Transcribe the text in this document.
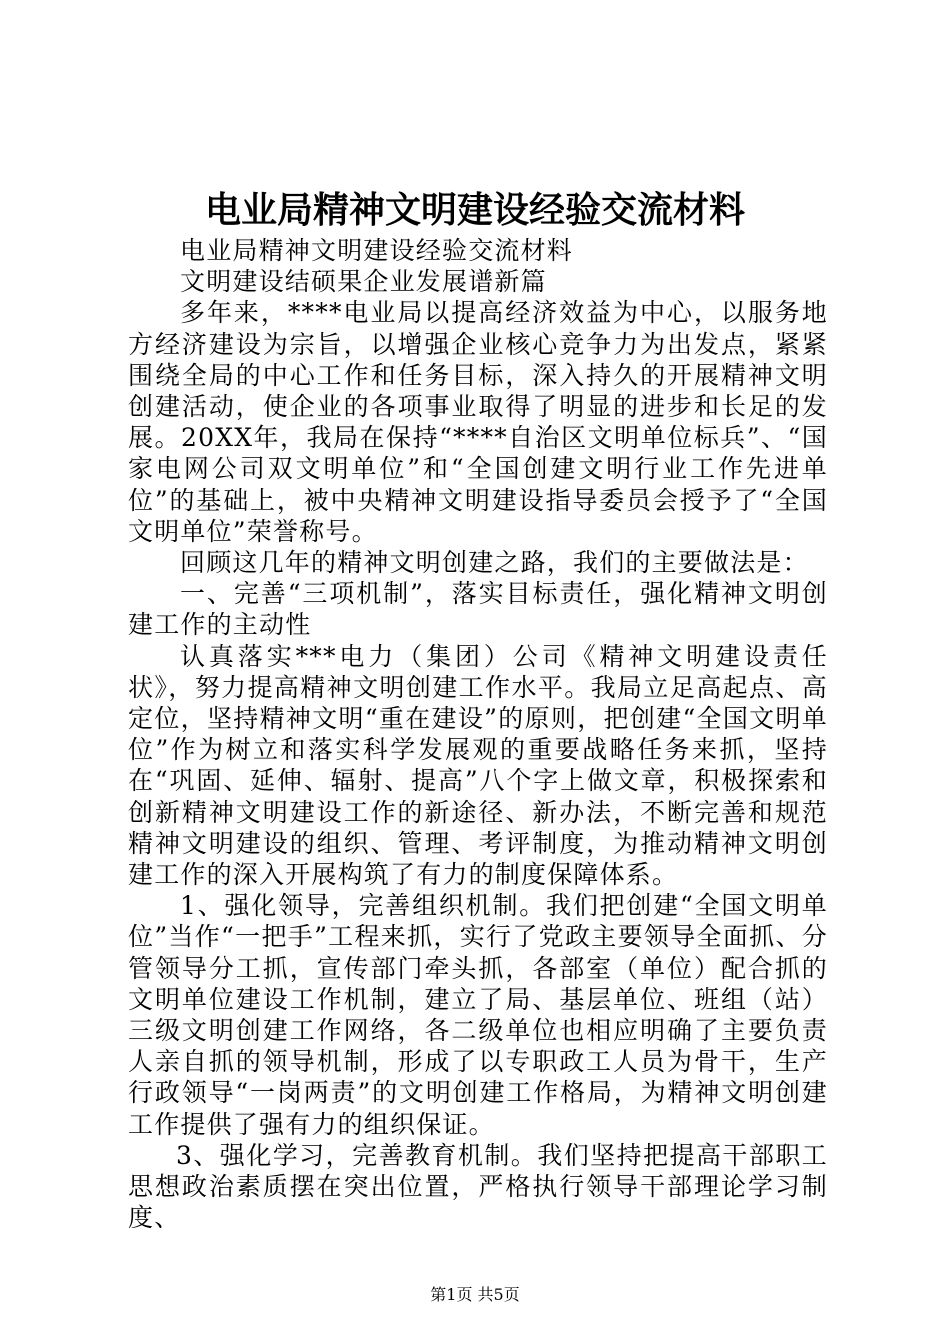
电业局精神文明建设经验交流材料

电业局精神文明建设经验交流材料

文明建设结硕果企业发展谱新篇

多年来，****电业局以提高经济效益为中心，以服务地方经济建设为宗旨，以增强企业核心竞争力为出发点，紧紧围绕全局的中心工作和任务目标，深入持久的开展精神文明创建活动，使企业的各项事业取得了明显的进步和长足的发展。20XX年，我局在保持“****自治区文明单位标兵”、“国家电网公司双文明单位”和“全国创建文明行业工作先进单位”的基础上，被中央精神文明建设指导委员会授予了“全国文明单位”荣誉称号。

回顾这几年的精神文明创建之路，我们的主要做法是：

一、完善“三项机制”，落实目标责任，强化精神文明创建工作的主动性

认真落实***电力（集团）公司《精神文明建设责任状》，努力提高精神文明创建工作水平。我局立足高起点、高定位，坚持精神文明“重在建设”的原则，把创建“全国文明单位”作为树立和落实科学发展观的重要战略任务来抓，坚持在“巩固、延伸、辐射、提高”八个字上做文章，积极探索和创新精神文明建设工作的新途径、新办法，不断完善和规范精神文明建设的组织、管理、考评制度，为推动精神文明创建工作的深入开展构筑了有力的制度保障体系。

1、强化领导，完善组织机制。我们把创建“全国文明单位”当作“一把手”工程来抓，实行了党政主要领导全面抓、分管领导分工抓，宣传部门牵头抓，各部室（单位）配合抓的文明单位建设工作机制，建立了局、基层单位、班组（站）三级文明创建工作网络，各二级单位也相应明确了主要负责人亲自抓的领导机制，形成了以专职政工人员为骨干，生产行政领导“一岗两责”的文明创建工作格局，为精神文明创建工作提供了强有力的组织保证。

3、强化学习，完善教育机制。我们坚持把提高干部职工思想政治素质摆在突出位置，严格执行领导干部理论学习制度、

第1页 共5页
